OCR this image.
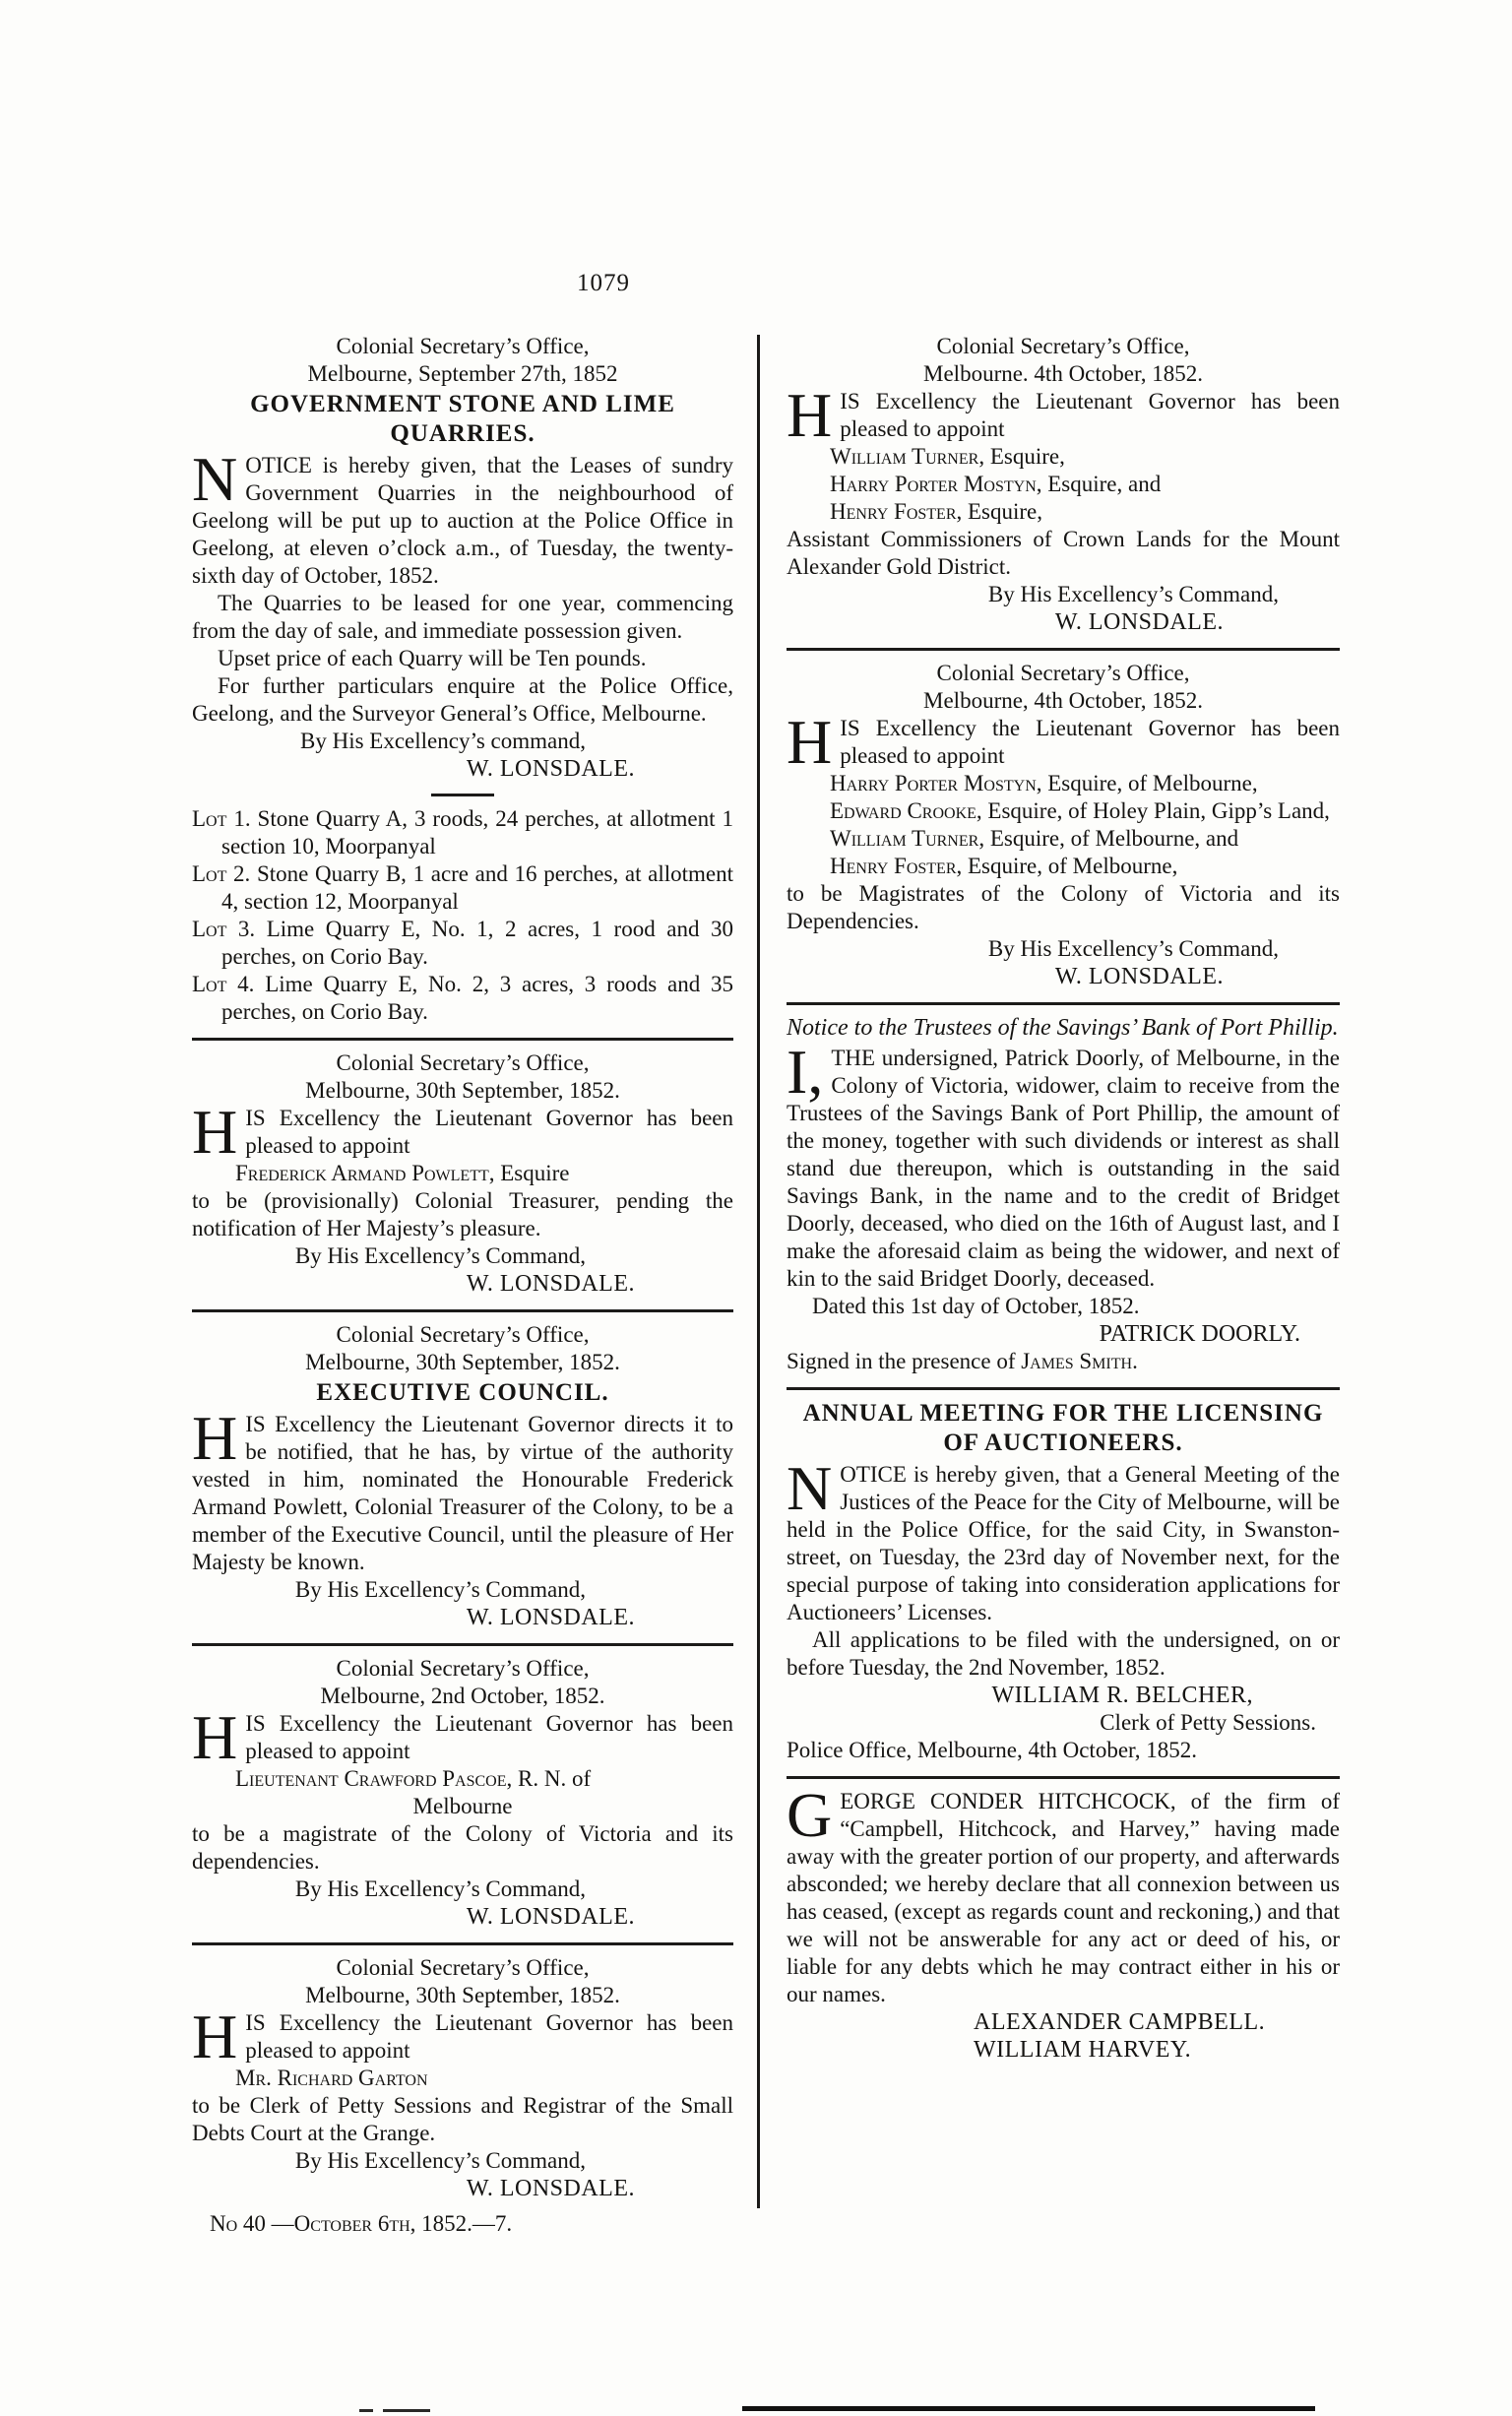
1079
Colonial Secretary’s Office,
Melbourne, September 27th, 1852
GOVERNMENT STONE AND LIME
QUARRIES.

NOTICE is hereby given, that the Leases of sundry Government Quarries in the neighbourhood of Geelong will be put up to auction at the Police Office in Geelong, at eleven o’clock a.m., of Tuesday, the twenty-sixth day of October, 1852.

The Quarries to be leased for one year, commencing from the day of sale, and immediate possession given.

Upset price of each Quarry will be Ten pounds.

For further particulars enquire at the Police Office, Geelong, and the Surveyor General’s Office, Melbourne.

By His Excellency’s command,
W. LONSDALE.
Lot 1. Stone Quarry A, 3 roods, 24 perches, at allotment 1 section 10, Moorpanyal
Lot 2. Stone Quarry B, 1 acre and 16 perches, at allotment 4, section 12, Moorpanyal
Lot 3. Lime Quarry E, No. 1, 2 acres, 1 rood and 30 perches, on Corio Bay.
Lot 4. Lime Quarry E, No. 2, 3 acres, 3 roods and 35 perches, on Corio Bay.
Colonial Secretary’s Office,
Melbourne, 30th September, 1852.

HIS Excellency the Lieutenant Governor has been pleased to appoint

Frederick Armand Powlett, Esquire

to be (provisionally) Colonial Treasurer, pending the notification of Her Majesty’s pleasure.

By His Excellency’s Command,
W. LONSDALE.
Colonial Secretary’s Office,
Melbourne, 30th September, 1852.
EXECUTIVE COUNCIL.

HIS Excellency the Lieutenant Governor directs it to be notified, that he has, by virtue of the authority vested in him, nominated the Honourable Frederick Armand Powlett, Colonial Treasurer of the Colony, to be a member of the Executive Council, until the pleasure of Her Majesty be known.

By His Excellency’s Command,
W. LONSDALE.
Colonial Secretary’s Office,
Melbourne, 2nd October, 1852.

HIS Excellency the Lieutenant Governor has been pleased to appoint

Lieutenant Crawford Pascoe, R. N. of
Melbourne

to be a magistrate of the Colony of Victoria and its dependencies.

By His Excellency’s Command,
W. LONSDALE.
Colonial Secretary’s Office,
Melbourne, 30th September, 1852.

HIS Excellency the Lieutenant Governor has been pleased to appoint

Mr. Richard Garton

to be Clerk of Petty Sessions and Registrar of the Small Debts Court at the Grange.

By His Excellency’s Command,
W. LONSDALE.
No 40 —October 6th, 1852.—7.
Colonial Secretary’s Office,
Melbourne. 4th October, 1852.

HIS Excellency the Lieutenant Governor has been pleased to appoint

William Turner, Esquire,
Harry Porter Mostyn, Esquire, and
Henry Foster, Esquire,

Assistant Commissioners of Crown Lands for the Mount Alexander Gold District.

By His Excellency’s Command,
W. LONSDALE.
Colonial Secretary’s Office,
Melbourne, 4th October, 1852.

HIS Excellency the Lieutenant Governor has been pleased to appoint

Harry Porter Mostyn, Esquire, of Melbourne,
Edward Crooke, Esquire, of Holey Plain, Gipp’s Land,
William Turner, Esquire, of Melbourne, and
Henry Foster, Esquire, of Melbourne,

to be Magistrates of the Colony of Victoria and its Dependencies.

By His Excellency’s Command,
W. LONSDALE.
Notice to the Trustees of the Savings’ Bank of Port Phillip.

I, THE undersigned, Patrick Doorly, of Melbourne, in the Colony of Victoria, widower, claim to receive from the Trustees of the Savings Bank of Port Phillip, the amount of the money, together with such dividends or interest as shall stand due thereupon, which is outstanding in the said Savings Bank, in the name and to the credit of Bridget Doorly, deceased, who died on the 16th of August last, and I make the aforesaid claim as being the widower, and next of kin to the said Bridget Doorly, deceased.

Dated this 1st day of October, 1852.

PATRICK DOORLY.
Signed in the presence of James Smith.
ANNUAL MEETING FOR THE LICENSING
OF AUCTIONEERS.

NOTICE is hereby given, that a General Meeting of the Justices of the Peace for the City of Melbourne, will be held in the Police Office, for the said City, in Swanston-street, on Tuesday, the 23rd day of November next, for the special purpose of taking into consideration applications for Auctioneers’ Licenses.

All applications to be filed with the undersigned, on or before Tuesday, the 2nd November, 1852.

WILLIAM R. BELCHER,
Clerk of Petty Sessions.
Police Office, Melbourne, 4th October, 1852.

GEORGE CONDER HITCHCOCK, of the firm of “Campbell, Hitchcock, and Harvey,” having made away with the greater portion of our property, and afterwards absconded; we hereby declare that all connexion between us has ceased, (except as regards count and reckoning,) and that we will not be answerable for any act or deed of his, or liable for any debts which he may contract either in his or our names.

ALEXANDER CAMPBELL.
WILLIAM HARVEY.
